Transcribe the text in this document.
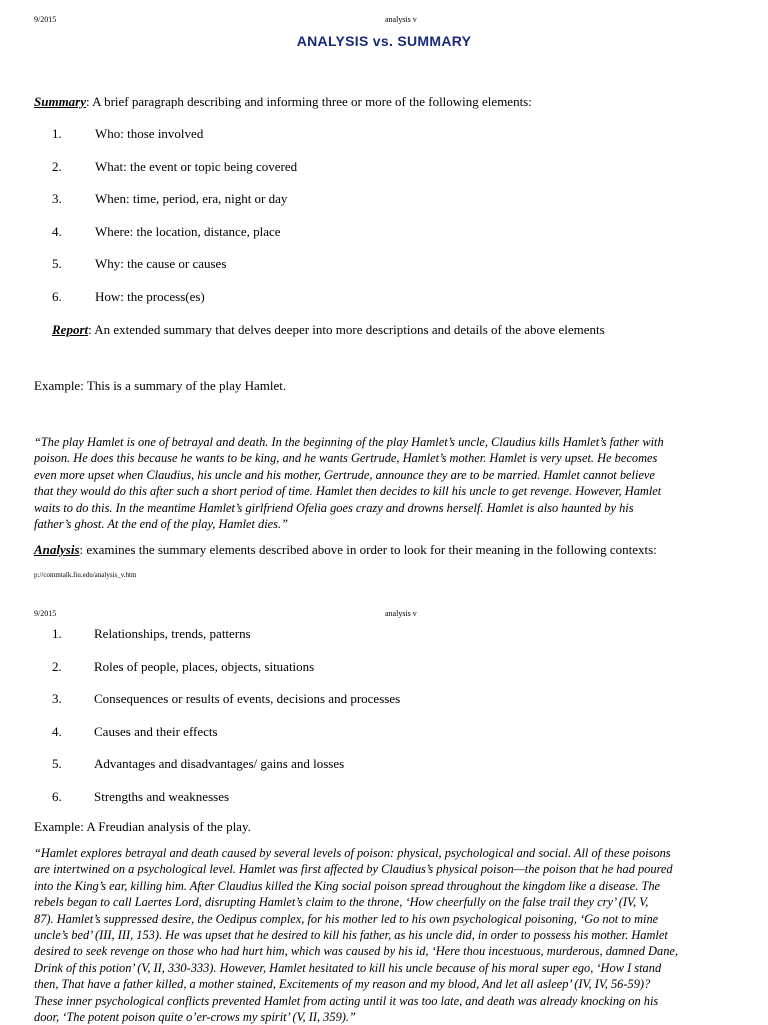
9/2015	analysis v
ANALYSIS vs. SUMMARY
Summary: A brief paragraph describing and informing three or more of the following elements:
1.	Who: those involved
2.	What: the event or topic being covered
3.	When: time, period, era, night or day
4.	Where: the location, distance, place
5.	Why: the cause or causes
6.	How: the process(es)
Report: An extended summary that delves deeper into more descriptions and details of the above elements
Example: This is a summary of the play Hamlet.
“The play Hamlet is one of betrayal and death. In the beginning of the play Hamlet’s uncle, Claudius kills Hamlet’s father with
poison. He does this because he wants to be king, and he wants Gertrude, Hamlet’s mother. Hamlet is very upset. He becomes
even more upset when Claudius, his uncle and his mother, Gertrude, announce they are to be married. Hamlet cannot believe
that they would do this after such a short period of time. Hamlet then decides to kill his uncle to get revenge. However, Hamlet
waits to do this. In the meantime Hamlet’s girlfriend Ofelia goes crazy and drowns herself. Hamlet is also haunted by his
father’s ghost. At the end of the play, Hamlet dies.”
Analysis: examines the summary elements described above in order to look for their meaning in the following contexts:
p://commtalk.fiu.edu/analysis_v.htm
9/2015	analysis v
1. Relationships, trends, patterns
2. Roles of people, places, objects, situations
3. Consequences or results of events, decisions and processes
4. Causes and their effects
5. Advantages and disadvantages/ gains and losses
6. Strengths and weaknesses
Example: A Freudian analysis of the play.
“Hamlet explores betrayal and death caused by several levels of poison: physical, psychological and social. All of these poisons
are intertwined on a psychological level. Hamlet was first affected by Claudius’s physical poison—the poison that he had poured
into the King’s ear, killing him. After Claudius killed the King social poison spread throughout the kingdom like a disease. The
rebels began to call Laertes Lord, disrupting Hamlet’s claim to the throne, ‘How cheerfully on the false trail they cry’ (IV, V,
87). Hamlet’s suppressed desire, the Oedipus complex, for his mother led to his own psychological poisoning, ‘Go not to mine
uncle’s bed’ (III, III, 153). He was upset that he desired to kill his father, as his uncle did, in order to possess his mother. Hamlet
desired to seek revenge on those who had hurt him, which was caused by his id, ‘Here thou incestuous, murderous, damned Dane,
Drink of this potion’ (V, II, 330-333). However, Hamlet hesitated to kill his uncle because of his moral super ego, ‘How I stand
then, That have a father killed, a mother stained, Excitements of my reason and my blood, And let all asleep’ (IV, IV, 56-59)?
These inner psychological conflicts prevented Hamlet from acting until it was too late, and death was already knocking on his
door, ‘The potent poison quite o’er-crows my spirit’ (V, II, 359).”
